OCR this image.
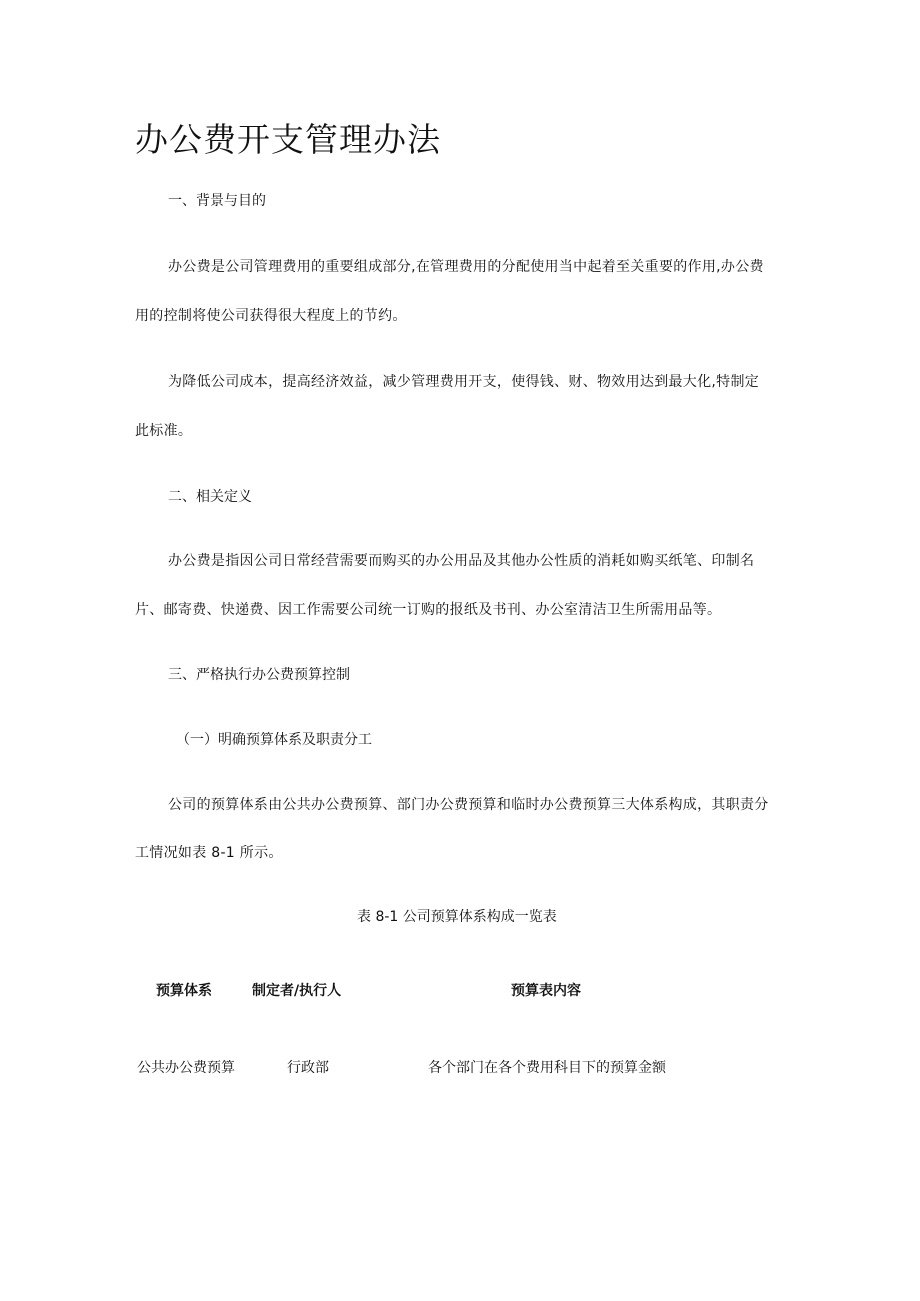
办公费开支管理办法
一、背景与目的
办公费是公司管理费用的重要组成部分,在管理费用的分配使用当中起着至关重要的作用,办公费
用的控制将使公司获得很大程度上的节约。
为降低公司成本，提高经济效益，减少管理费用开支，使得钱、财、物效用达到最大化,特制定
此标准。
二、相关定义
办公费是指因公司日常经营需要而购买的办公用品及其他办公性质的消耗如购买纸笔、印制名
片、邮寄费、快递费、因工作需要公司统一订购的报纸及书刊、办公室清洁卫生所需用品等。
三、严格执行办公费预算控制
（一）明确预算体系及职责分工
公司的预算体系由公共办公费预算、部门办公费预算和临时办公费预算三大体系构成，其职责分
工情况如表 8-1 所示。
表 8-1 公司预算体系构成一览表
预算体系	制定者/执行人	预算表内容
公共办公费预算	行政部	各个部门在各个费用科目下的预算金额
